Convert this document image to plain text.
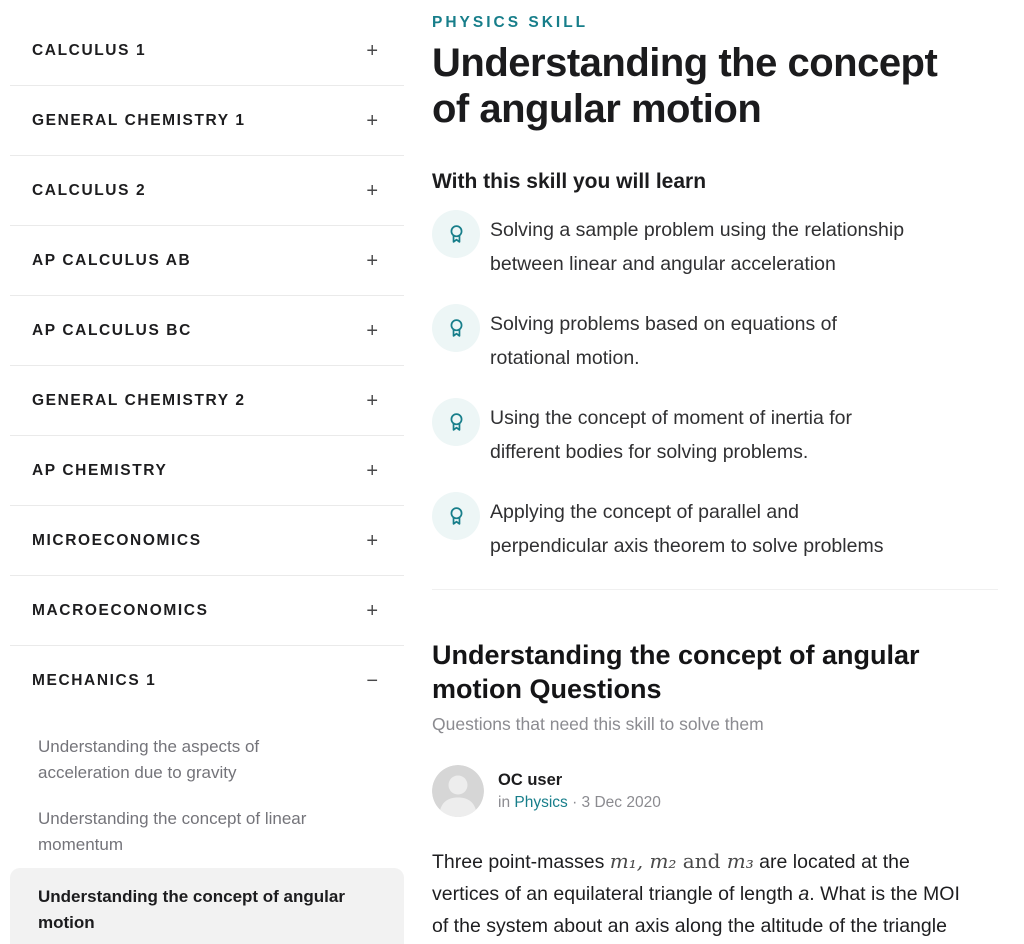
CALCULUS 1	+
GENERAL CHEMISTRY 1	+
CALCULUS 2	+
AP CALCULUS AB	+
AP CALCULUS BC	+
GENERAL CHEMISTRY 2	+
AP CHEMISTRY	+
MICROECONOMICS	+
MACROECONOMICS	+
MECHANICS 1	−
Understanding the aspects of
acceleration due to gravity
Understanding the concept of linear
momentum
Understanding the concept of angular
motion
PHYSICS SKILL
Understanding the concept
of angular motion
With this skill you will learn
Solving a sample problem using the relationship
between linear and angular acceleration
Solving problems based on equations of
rotational motion.
Using the concept of moment of inertia for
different bodies for solving problems.
Applying the concept of parallel and
perpendicular axis theorem to solve problems
Understanding the concept of angular
motion Questions
Questions that need this skill to solve them
OC user
in Physics · 3 Dec 2020
Three point-masses m₁, m₂ and m₃ are located at the
vertices of an equilateral triangle of length a. What is the MOI
of the system about an axis along the altitude of the triangle
